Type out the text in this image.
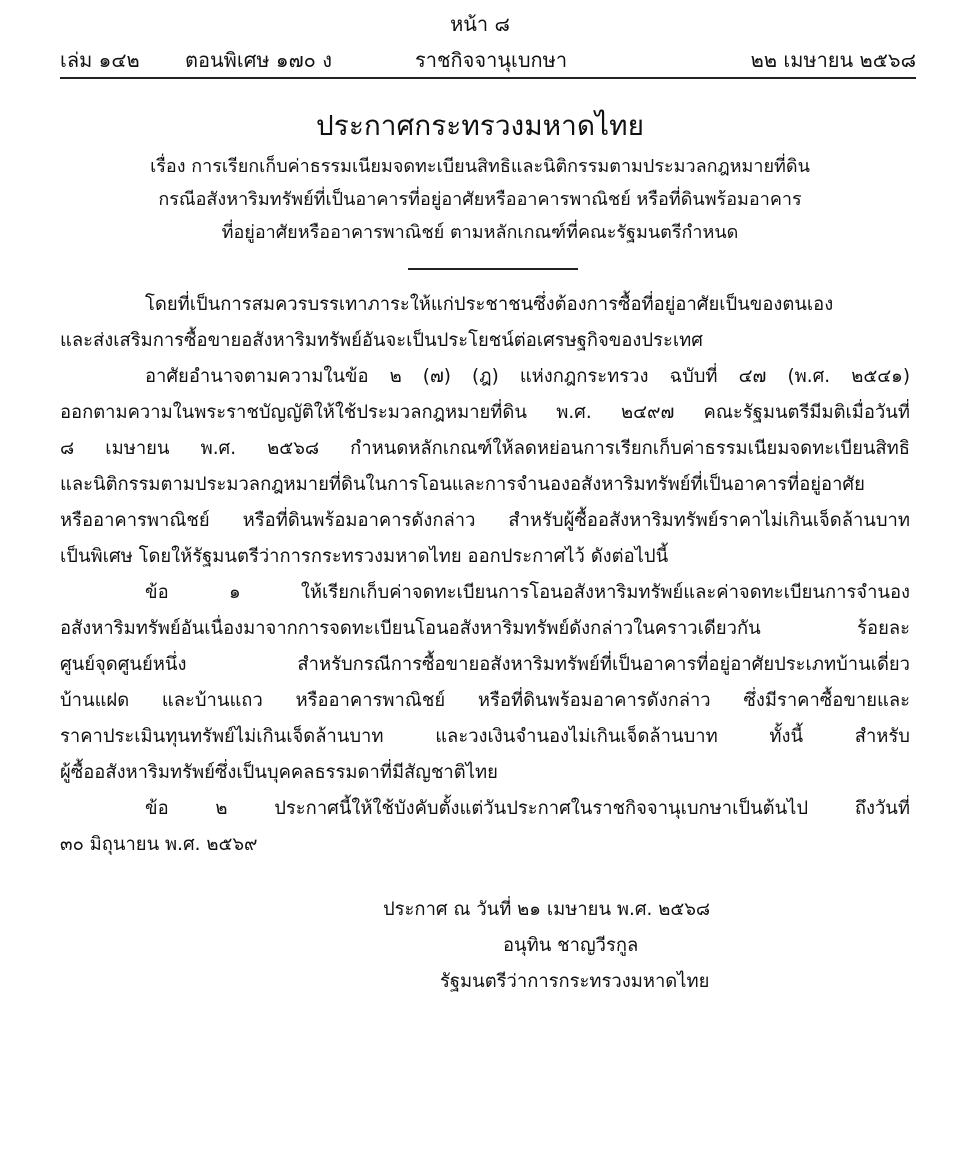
หน้า ๘
เล่ม ๑๔๒ ตอนพิเศษ ๑๗๐ ง	ราชกิจจานุเบกษา	๒๒ เมษายน ๒๕๖๘
ประกาศกระทรวงมหาดไทย
เรื่อง การเรียกเก็บค่าธรรมเนียมจดทะเบียนสิทธิและนิติกรรมตามประมวลกฎหมายที่ดิน
กรณีอสังหาริมทรัพย์ที่เป็นอาคารที่อยู่อาศัยหรืออาคารพาณิชย์ หรือที่ดินพร้อมอาคาร
ที่อยู่อาศัยหรืออาคารพาณิชย์ ตามหลักเกณฑ์ที่คณะรัฐมนตรีกำหนด
โดยที่เป็นการสมควรบรรเทาภาระให้แก่ประชาชนซึ่งต้องการซื้อที่อยู่อาศัยเป็นของตนเอง
และส่งเสริมการซื้อขายอสังหาริมทรัพย์อันจะเป็นประโยชน์ต่อเศรษฐกิจของประเทศ
อาศัยอำนาจตามความในข้อ ๒ (๗) (ฎ) แห่งกฎกระทรวง ฉบับที่ ๔๗ (พ.ศ. ๒๕๔๑)
ออกตามความในพระราชบัญญัติให้ใช้ประมวลกฎหมายที่ดิน พ.ศ. ๒๔๙๗ คณะรัฐมนตรีมีมติเมื่อวันที่
๘ เมษายน พ.ศ. ๒๕๖๘ กำหนดหลักเกณฑ์ให้ลดหย่อนการเรียกเก็บค่าธรรมเนียมจดทะเบียนสิทธิ
และนิติกรรมตามประมวลกฎหมายที่ดินในการโอนและการจำนองอสังหาริมทรัพย์ที่เป็นอาคารที่อยู่อาศัย
หรืออาคารพาณิชย์ หรือที่ดินพร้อมอาคารดังกล่าว สำหรับผู้ซื้ออสังหาริมทรัพย์ราคาไม่เกินเจ็ดล้านบาท
เป็นพิเศษ โดยให้รัฐมนตรีว่าการกระทรวงมหาดไทย ออกประกาศไว้ ดังต่อไปนี้
ข้อ ๑ ให้เรียกเก็บค่าจดทะเบียนการโอนอสังหาริมทรัพย์และค่าจดทะเบียนการจำนอง
อสังหาริมทรัพย์อันเนื่องมาจากการจดทะเบียนโอนอสังหาริมทรัพย์ดังกล่าวในคราวเดียวกัน ร้อยละ
ศูนย์จุดศูนย์หนึ่ง สำหรับกรณีการซื้อขายอสังหาริมทรัพย์ที่เป็นอาคารที่อยู่อาศัยประเภทบ้านเดี่ยว
บ้านแฝด และบ้านแถว หรืออาคารพาณิชย์ หรือที่ดินพร้อมอาคารดังกล่าว ซึ่งมีราคาซื้อขายและ
ราคาประเมินทุนทรัพย์ไม่เกินเจ็ดล้านบาท และวงเงินจำนองไม่เกินเจ็ดล้านบาท ทั้งนี้ สำหรับ
ผู้ซื้ออสังหาริมทรัพย์ซึ่งเป็นบุคคลธรรมดาที่มีสัญชาติไทย
ข้อ ๒ ประกาศนี้ให้ใช้บังคับตั้งแต่วันประกาศในราชกิจจานุเบกษาเป็นต้นไป ถึงวันที่
๓๐ มิถุนายน พ.ศ. ๒๕๖๙
ประกาศ ณ วันที่ ๒๑ เมษายน พ.ศ. ๒๕๖๘
อนุทิน ชาญวีรกูล
รัฐมนตรีว่าการกระทรวงมหาดไทย
